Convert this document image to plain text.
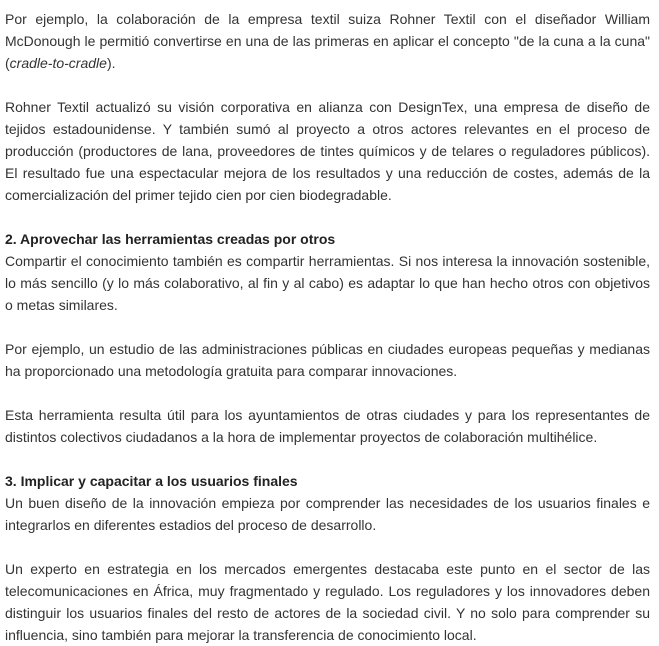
Por ejemplo, la colaboración de la empresa textil suiza Rohner Textil con el diseñador William McDonough le permitió convertirse en una de las primeras en aplicar el concepto "de la cuna a la cuna" (cradle-to-cradle).

Rohner Textil actualizó su visión corporativa en alianza con DesignTex, una empresa de diseño de tejidos estadounidense. Y también sumó al proyecto a otros actores relevantes en el proceso de producción (productores de lana, proveedores de tintes químicos y de telares o reguladores públicos). El resultado fue una espectacular mejora de los resultados y una reducción de costes, además de la comercialización del primer tejido cien por cien biodegradable.

2. Aprovechar las herramientas creadas por otros

Compartir el conocimiento también es compartir herramientas. Si nos interesa la innovación sostenible, lo más sencillo (y lo más colaborativo, al fin y al cabo) es adaptar lo que han hecho otros con objetivos o metas similares.

Por ejemplo, un estudio de las administraciones públicas en ciudades europeas pequeñas y medianas ha proporcionado una metodología gratuita para comparar innovaciones.

Esta herramienta resulta útil para los ayuntamientos de otras ciudades y para los representantes de distintos colectivos ciudadanos a la hora de implementar proyectos de colaboración multihélice.

3. Implicar y capacitar a los usuarios finales

Un buen diseño de la innovación empieza por comprender las necesidades de los usuarios finales e integrarlos en diferentes estadios del proceso de desarrollo.

Un experto en estrategia en los mercados emergentes destacaba este punto en el sector de las telecomunicaciones en África, muy fragmentado y regulado. Los reguladores y los innovadores deben distinguir los usuarios finales del resto de actores de la sociedad civil. Y no solo para comprender su influencia, sino también para mejorar la transferencia de conocimiento local.
